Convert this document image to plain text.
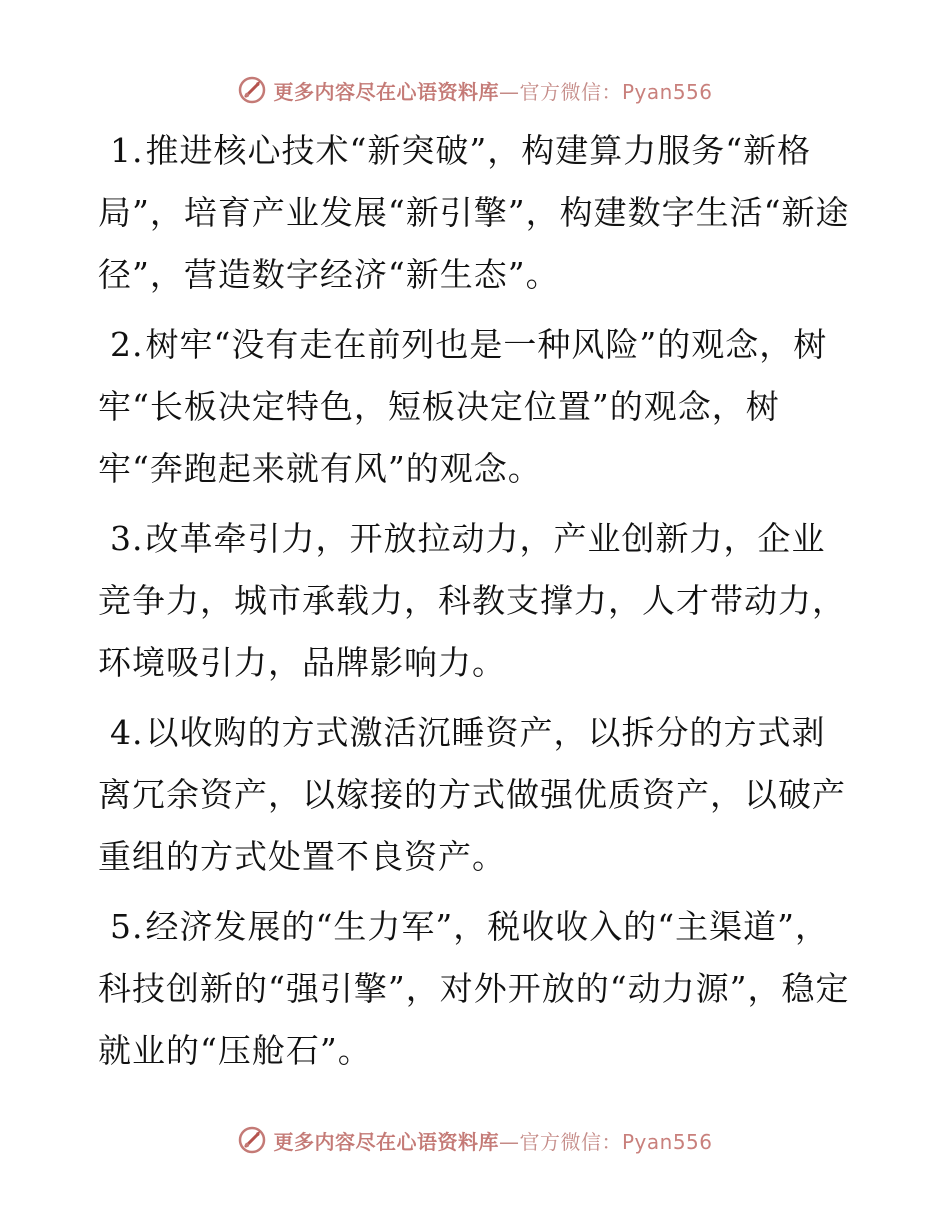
更多内容尽在心语资料库—官方微信：Pyan556

1.推进核心技术“新突破”，构建算力服务“新格局”，培育产业发展“新引擎”，构建数字生活“新途径”，营造数字经济“新生态”。

2.树牢“没有走在前列也是一种风险”的观念，树牢“长板决定特色，短板决定位置”的观念，树牢“奔跑起来就有风”的观念。

3.改革牵引力，开放拉动力，产业创新力，企业竞争力，城市承载力，科教支撑力，人才带动力，环境吸引力，品牌影响力。

4.以收购的方式激活沉睡资产，以拆分的方式剥离冗余资产，以嫁接的方式做强优质资产，以破产重组的方式处置不良资产。

5.经济发展的“生力军”，税收收入的“主渠道”，科技创新的“强引擎”，对外开放的“动力源”，稳定就业的“压舱石”。

更多内容尽在心语资料库—官方微信：Pyan556
